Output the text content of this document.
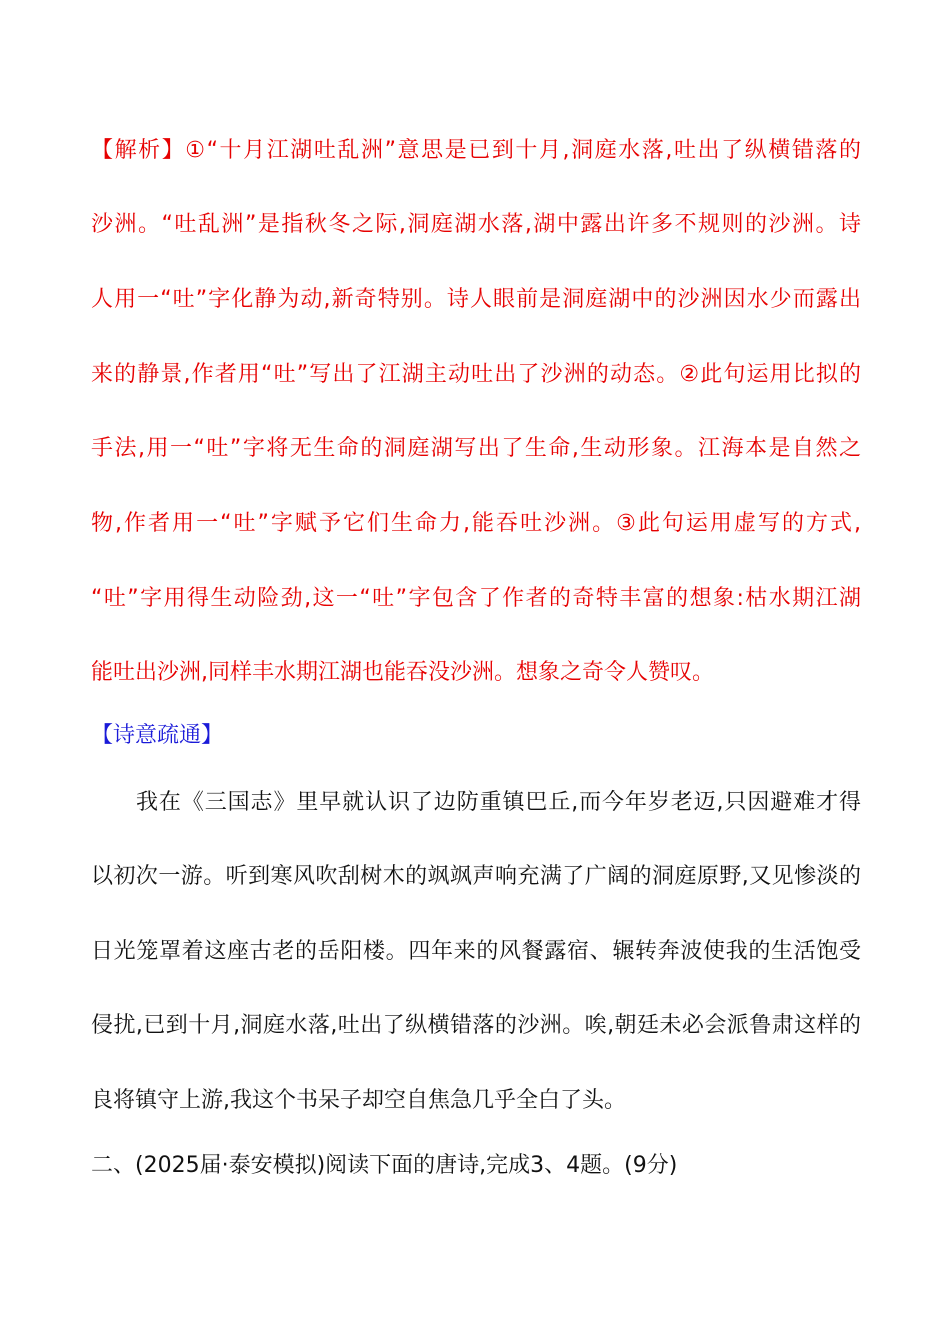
【解析】①“十月江湖吐乱洲”意思是已到十月,洞庭水落,吐出了纵横错落的
沙洲。“吐乱洲”是指秋冬之际,洞庭湖水落,湖中露出许多不规则的沙洲。诗
人用一“吐”字化静为动,新奇特别。诗人眼前是洞庭湖中的沙洲因水少而露出
来的静景,作者用“吐”写出了江湖主动吐出了沙洲的动态。②此句运用比拟的
手法,用一“吐”字将无生命的洞庭湖写出了生命,生动形象。江海本是自然之
物,作者用一“吐”字赋予它们生命力,能吞吐沙洲。③此句运用虚写的方式,
“吐”字用得生动险劲,这一“吐”字包含了作者的奇特丰富的想象:枯水期江湖
能吐出沙洲,同样丰水期江湖也能吞没沙洲。想象之奇令人赞叹。
【诗意疏通】
我在《三国志》里早就认识了边防重镇巴丘,而今年岁老迈,只因避难才得
以初次一游。听到寒风吹刮树木的飒飒声响充满了广阔的洞庭原野,又见惨淡的
日光笼罩着这座古老的岳阳楼。四年来的风餐露宿、辗转奔波使我的生活饱受
侵扰,已到十月,洞庭水落,吐出了纵横错落的沙洲。唉,朝廷未必会派鲁肃这样的
良将镇守上游,我这个书呆子却空自焦急几乎全白了头。
二、(2025届·泰安模拟)阅读下面的唐诗,完成3、4题。(9分)
